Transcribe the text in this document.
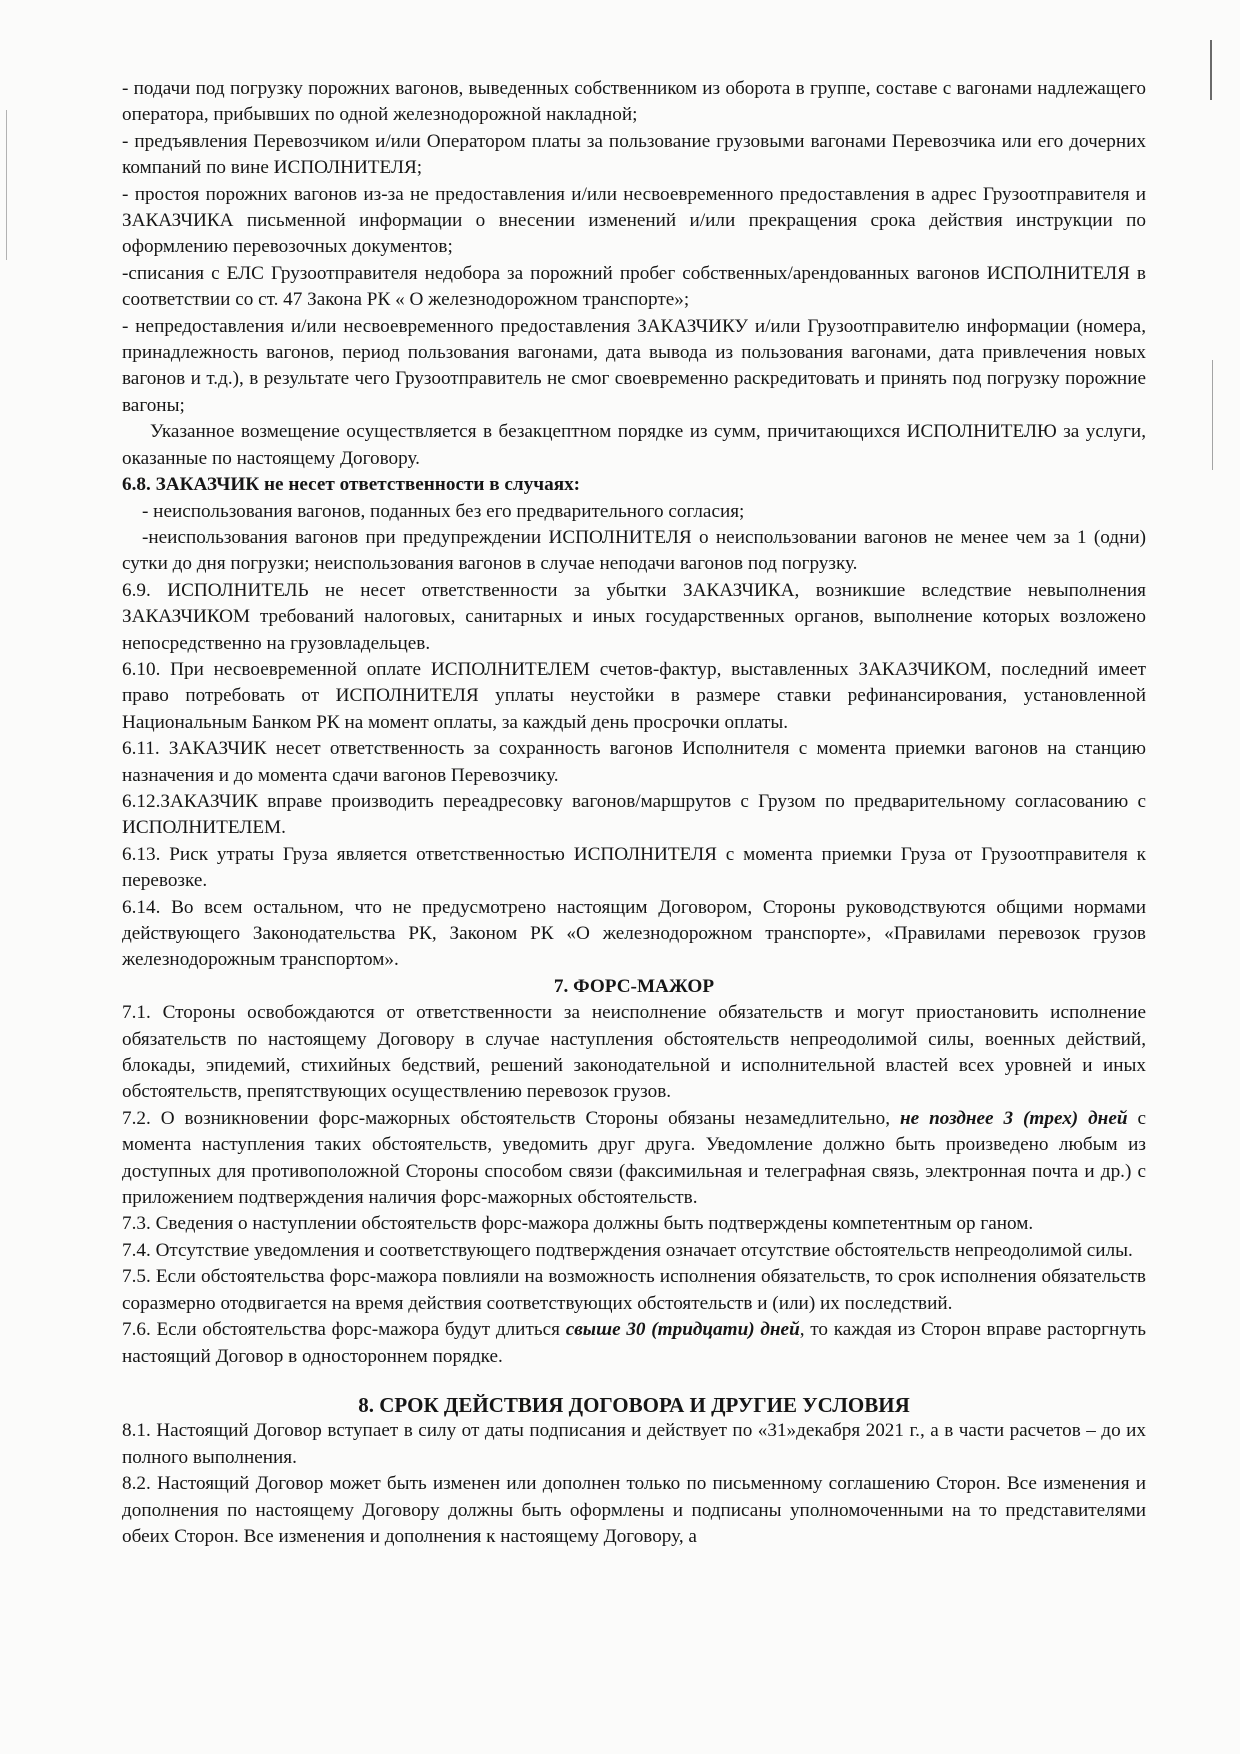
- подачи под погрузку порожних вагонов, выведенных собственником из оборота в группе, составе с вагонами надлежащего оператора, прибывших по одной железнодорожной накладной;

- предъявления Перевозчиком и/или Оператором платы за пользование грузовыми вагонами Перевозчика или его дочерних компаний по вине ИСПОЛНИТЕЛЯ;

- простоя порожних вагонов из-за не предоставления и/или несвоевременного предоставления в адрес Грузоотправителя и ЗАКАЗЧИКА письменной информации о внесении изменений и/или прекращения срока действия инструкции по оформлению перевозочных документов;

-списания с ЕЛС Грузоотправителя недобора за порожний пробег собственных/арендованных вагонов ИСПОЛНИТЕЛЯ в соответствии со ст. 47 Закона РК « О железнодорожном транспорте»;

- непредоставления и/или несвоевременного предоставления ЗАКАЗЧИКУ и/или Грузоотправителю информации (номера, принадлежность вагонов, период пользования вагонами, дата вывода из пользования вагонами, дата привлечения новых вагонов и т.д.), в результате чего Грузоотправитель не смог своевременно раскредитовать и принять под погрузку порожние вагоны;

Указанное возмещение осуществляется в безакцептном порядке из сумм, причитающихся ИСПОЛНИТЕЛЮ за услуги, оказанные по настоящему Договору.

6.8. ЗАКАЗЧИК не несет ответственности в случаях:

- неиспользования вагонов, поданных без его предварительного согласия;

-неиспользования вагонов при предупреждении ИСПОЛНИТЕЛЯ о неиспользовании вагонов не менее чем за 1 (одни) сутки до дня погрузки; неиспользования вагонов в случае неподачи вагонов под погрузку.

6.9. ИСПОЛНИТЕЛЬ не несет ответственности за убытки ЗАКАЗЧИКА, возникшие вследствие невыполнения ЗАКАЗЧИКОМ требований налоговых, санитарных и иных государственных органов, выполнение которых возложено непосредственно на грузовладельцев.

6.10. При несвоевременной оплате ИСПОЛНИТЕЛЕМ счетов-фактур, выставленных ЗАКАЗЧИКОМ, последний имеет право потребовать от ИСПОЛНИТЕЛЯ уплаты неустойки в размере ставки рефинансирования, установленной Национальным Банком РК на момент оплаты, за каждый день просрочки оплаты.

6.11. ЗАКАЗЧИК несет ответственность за сохранность вагонов Исполнителя с момента приемки вагонов на станцию назначения и до момента сдачи вагонов Перевозчику.

6.12.ЗАКАЗЧИК вправе производить переадресовку вагонов/маршрутов с Грузом по предварительному согласованию с ИСПОЛНИТЕЛЕМ.

6.13. Риск утраты Груза является ответственностью ИСПОЛНИТЕЛЯ с момента приемки Груза от Грузоотправителя к перевозке.

6.14. Во всем остальном, что не предусмотрено настоящим Договором, Стороны руководствуются общими нормами действующего Законодательства РК, Законом РК «О железнодорожном транспорте», «Правилами перевозок грузов железнодорожным транспортом».

7. ФОРС-МАЖОР

7.1. Стороны освобождаются от ответственности за неисполнение обязательств и могут приостановить исполнение обязательств по настоящему Договору в случае наступления обстоятельств непреодолимой силы, военных действий, блокады, эпидемий, стихийных бедствий, решений законодательной и исполнительной властей всех уровней и иных обстоятельств, препятствующих осуществлению перевозок грузов.

7.2. О возникновении форс-мажорных обстоятельств Стороны обязаны незамедлительно, не позднее 3 (трех) дней с момента наступления таких обстоятельств, уведомить друг друга. Уведомление должно быть произведено любым из доступных для противоположной Стороны способом связи (факсимильная и телеграфная связь, электронная почта и др.) с приложением подтверждения наличия форс-мажорных обстоятельств.

7.3. Сведения о наступлении обстоятельств форс-мажора должны быть подтверждены компетентным ор ганом.

7.4. Отсутствие уведомления и соответствующего подтверждения означает отсутствие обстоятельств непреодолимой силы.

7.5. Если обстоятельства форс-мажора повлияли на возможность исполнения обязательств, то срок исполнения обязательств соразмерно отодвигается на время действия соответствующих обстоятельств и (или) их последствий.

7.6. Если обстоятельства форс-мажора будут длиться свыше 30 (тридцати) дней, то каждая из Сторон вправе расторгнуть настоящий Договор в одностороннем порядке.

8. СРОК ДЕЙСТВИЯ ДОГОВОРА И ДРУГИЕ УСЛОВИЯ

8.1. Настоящий Договор вступает в силу от даты подписания и действует по «31»декабря 2021 г., а в части расчетов – до их полного выполнения.

8.2. Настоящий Договор может быть изменен или дополнен только по письменному соглашению Сторон. Все изменения и дополнения по настоящему Договору должны быть оформлены и подписаны уполномоченными на то представителями обеих Сторон. Все изменения и дополнения к настоящему Договору, а
